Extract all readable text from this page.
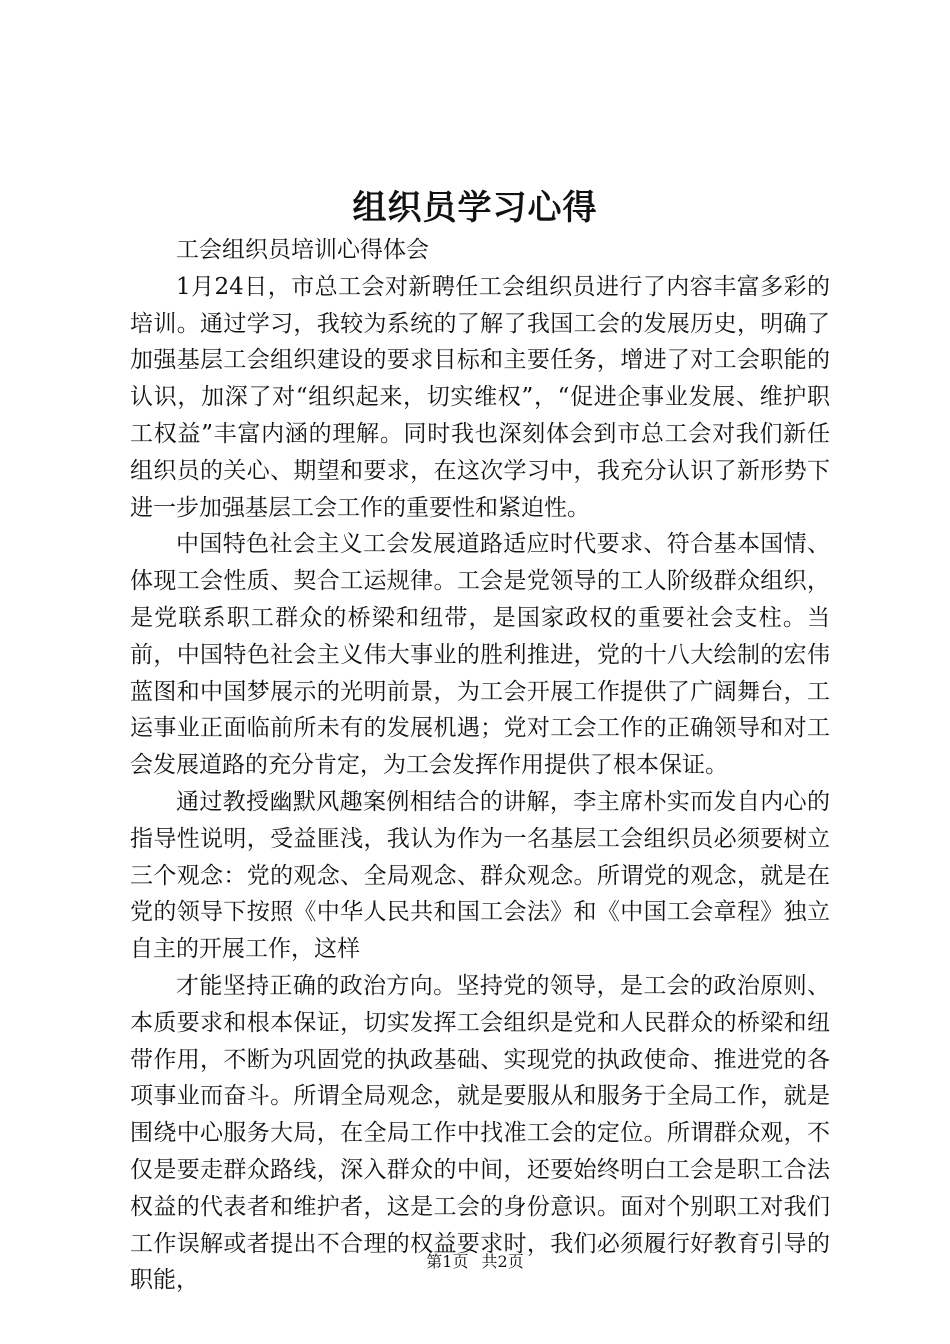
组织员学习心得

工会组织员培训心得体会

1月24日，市总工会对新聘任工会组织员进行了内容丰富多彩的培训。通过学习，我较为系统的了解了我国工会的发展历史，明确了加强基层工会组织建设的要求目标和主要任务，增进了对工会职能的认识，加深了对“组织起来，切实维权”，“促进企事业发展、维护职工权益”丰富内涵的理解。同时我也深刻体会到市总工会对我们新任组织员的关心、期望和要求，在这次学习中，我充分认识了新形势下进一步加强基层工会工作的重要性和紧迫性。

中国特色社会主义工会发展道路适应时代要求、符合基本国情、体现工会性质、契合工运规律。工会是党领导的工人阶级群众组织，是党联系职工群众的桥梁和纽带，是国家政权的重要社会支柱。当前，中国特色社会主义伟大事业的胜利推进，党的十八大绘制的宏伟蓝图和中国梦展示的光明前景，为工会开展工作提供了广阔舞台，工运事业正面临前所未有的发展机遇；党对工会工作的正确领导和对工会发展道路的充分肯定，为工会发挥作用提供了根本保证。

通过教授幽默风趣案例相结合的讲解，李主席朴实而发自内心的指导性说明，受益匪浅，我认为作为一名基层工会组织员必须要树立三个观念：党的观念、全局观念、群众观念。所谓党的观念，就是在党的领导下按照《中华人民共和国工会法》和《中国工会章程》独立自主的开展工作，这样

才能坚持正确的政治方向。坚持党的领导，是工会的政治原则、本质要求和根本保证，切实发挥工会组织是党和人民群众的桥梁和纽带作用，不断为巩固党的执政基础、实现党的执政使命、推进党的各项事业而奋斗。所谓全局观念，就是要服从和服务于全局工作，就是围绕中心服务大局，在全局工作中找准工会的定位。所谓群众观，不仅是要走群众路线，深入群众的中间，还要始终明白工会是职工合法权益的代表者和维护者，这是工会的身份意识。面对个别职工对我们工作误解或者提出不合理的权益要求时，我们必须履行好教育引导的职能，

第1页 共2页
